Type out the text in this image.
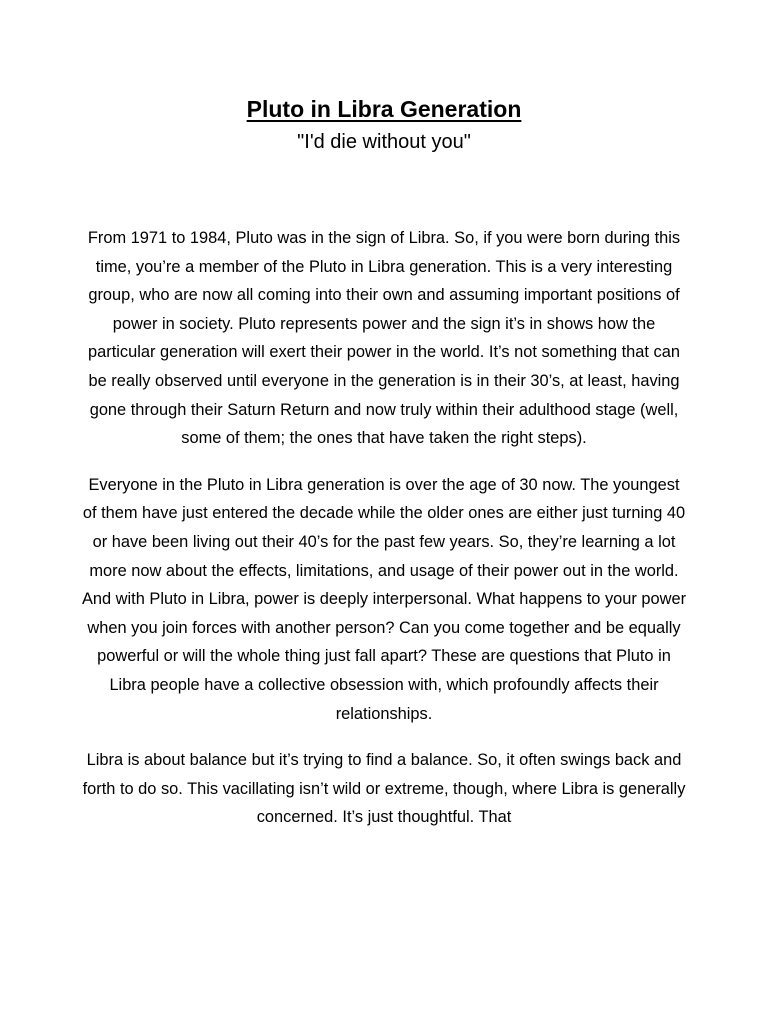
Pluto in Libra Generation

"I'd die without you"

From 1971 to 1984, Pluto was in the sign of Libra. So, if you were born during this time, you’re a member of the Pluto in Libra generation. This is a very interesting group, who are now all coming into their own and assuming important positions of power in society. Pluto represents power and the sign it’s in shows how the particular generation will exert their power in the world. It’s not something that can be really observed until everyone in the generation is in their 30’s, at least, having gone through their Saturn Return and now truly within their adulthood stage (well, some of them; the ones that have taken the right steps).

Everyone in the Pluto in Libra generation is over the age of 30 now. The youngest of them have just entered the decade while the older ones are either just turning 40 or have been living out their 40’s for the past few years. So, they’re learning a lot more now about the effects, limitations, and usage of their power out in the world. And with Pluto in Libra, power is deeply interpersonal. What happens to your power when you join forces with another person? Can you come together and be equally powerful or will the whole thing just fall apart? These are questions that Pluto in Libra people have a collective obsession with, which profoundly affects their relationships.

Libra is about balance but it’s trying to find a balance. So, it often swings back and forth to do so. This vacillating isn’t wild or extreme, though, where Libra is generally concerned. It’s just thoughtful. That
